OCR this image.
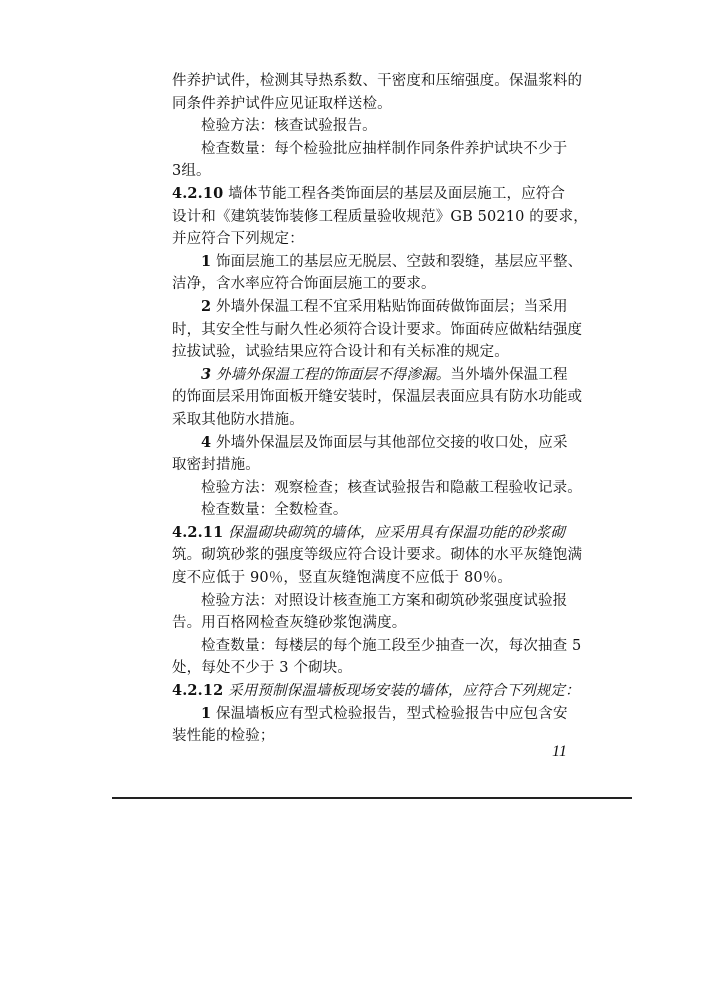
件养护试件，检测其导热系数、干密度和压缩强度。保温浆料的
同条件养护试件应见证取样送检。
检验方法：核查试验报告。
检查数量：每个检验批应抽样制作同条件养护试块不少于
3组。
4.2.10 墙体节能工程各类饰面层的基层及面层施工，应符合
设计和《建筑装饰装修工程质量验收规范》GB 50210 的要求，
并应符合下列规定：
1 饰面层施工的基层应无脱层、空鼓和裂缝，基层应平整、
洁净，含水率应符合饰面层施工的要求。
2 外墙外保温工程不宜采用粘贴饰面砖做饰面层；当采用
时，其安全性与耐久性必须符合设计要求。饰面砖应做粘结强度
拉拔试验，试验结果应符合设计和有关标准的规定。
3 外墙外保温工程的饰面层不得渗漏。当外墙外保温工程
的饰面层采用饰面板开缝安装时，保温层表面应具有防水功能或
采取其他防水措施。
4 外墙外保温层及饰面层与其他部位交接的收口处，应采
取密封措施。
检验方法：观察检查；核查试验报告和隐蔽工程验收记录。
检查数量：全数检查。
4.2.11 保温砌块砌筑的墙体，应采用具有保温功能的砂浆砌
筑。砌筑砂浆的强度等级应符合设计要求。砌体的水平灰缝饱满
度不应低于 90％，竖直灰缝饱满度不应低于 80％。
检验方法：对照设计核查施工方案和砌筑砂浆强度试验报
告。用百格网检查灰缝砂浆饱满度。
检查数量：每楼层的每个施工段至少抽查一次，每次抽查 5
处，每处不少于 3 个砌块。
4.2.12 采用预制保温墙板现场安装的墙体，应符合下列规定：
1 保温墙板应有型式检验报告，型式检验报告中应包含安
装性能的检验；
11
